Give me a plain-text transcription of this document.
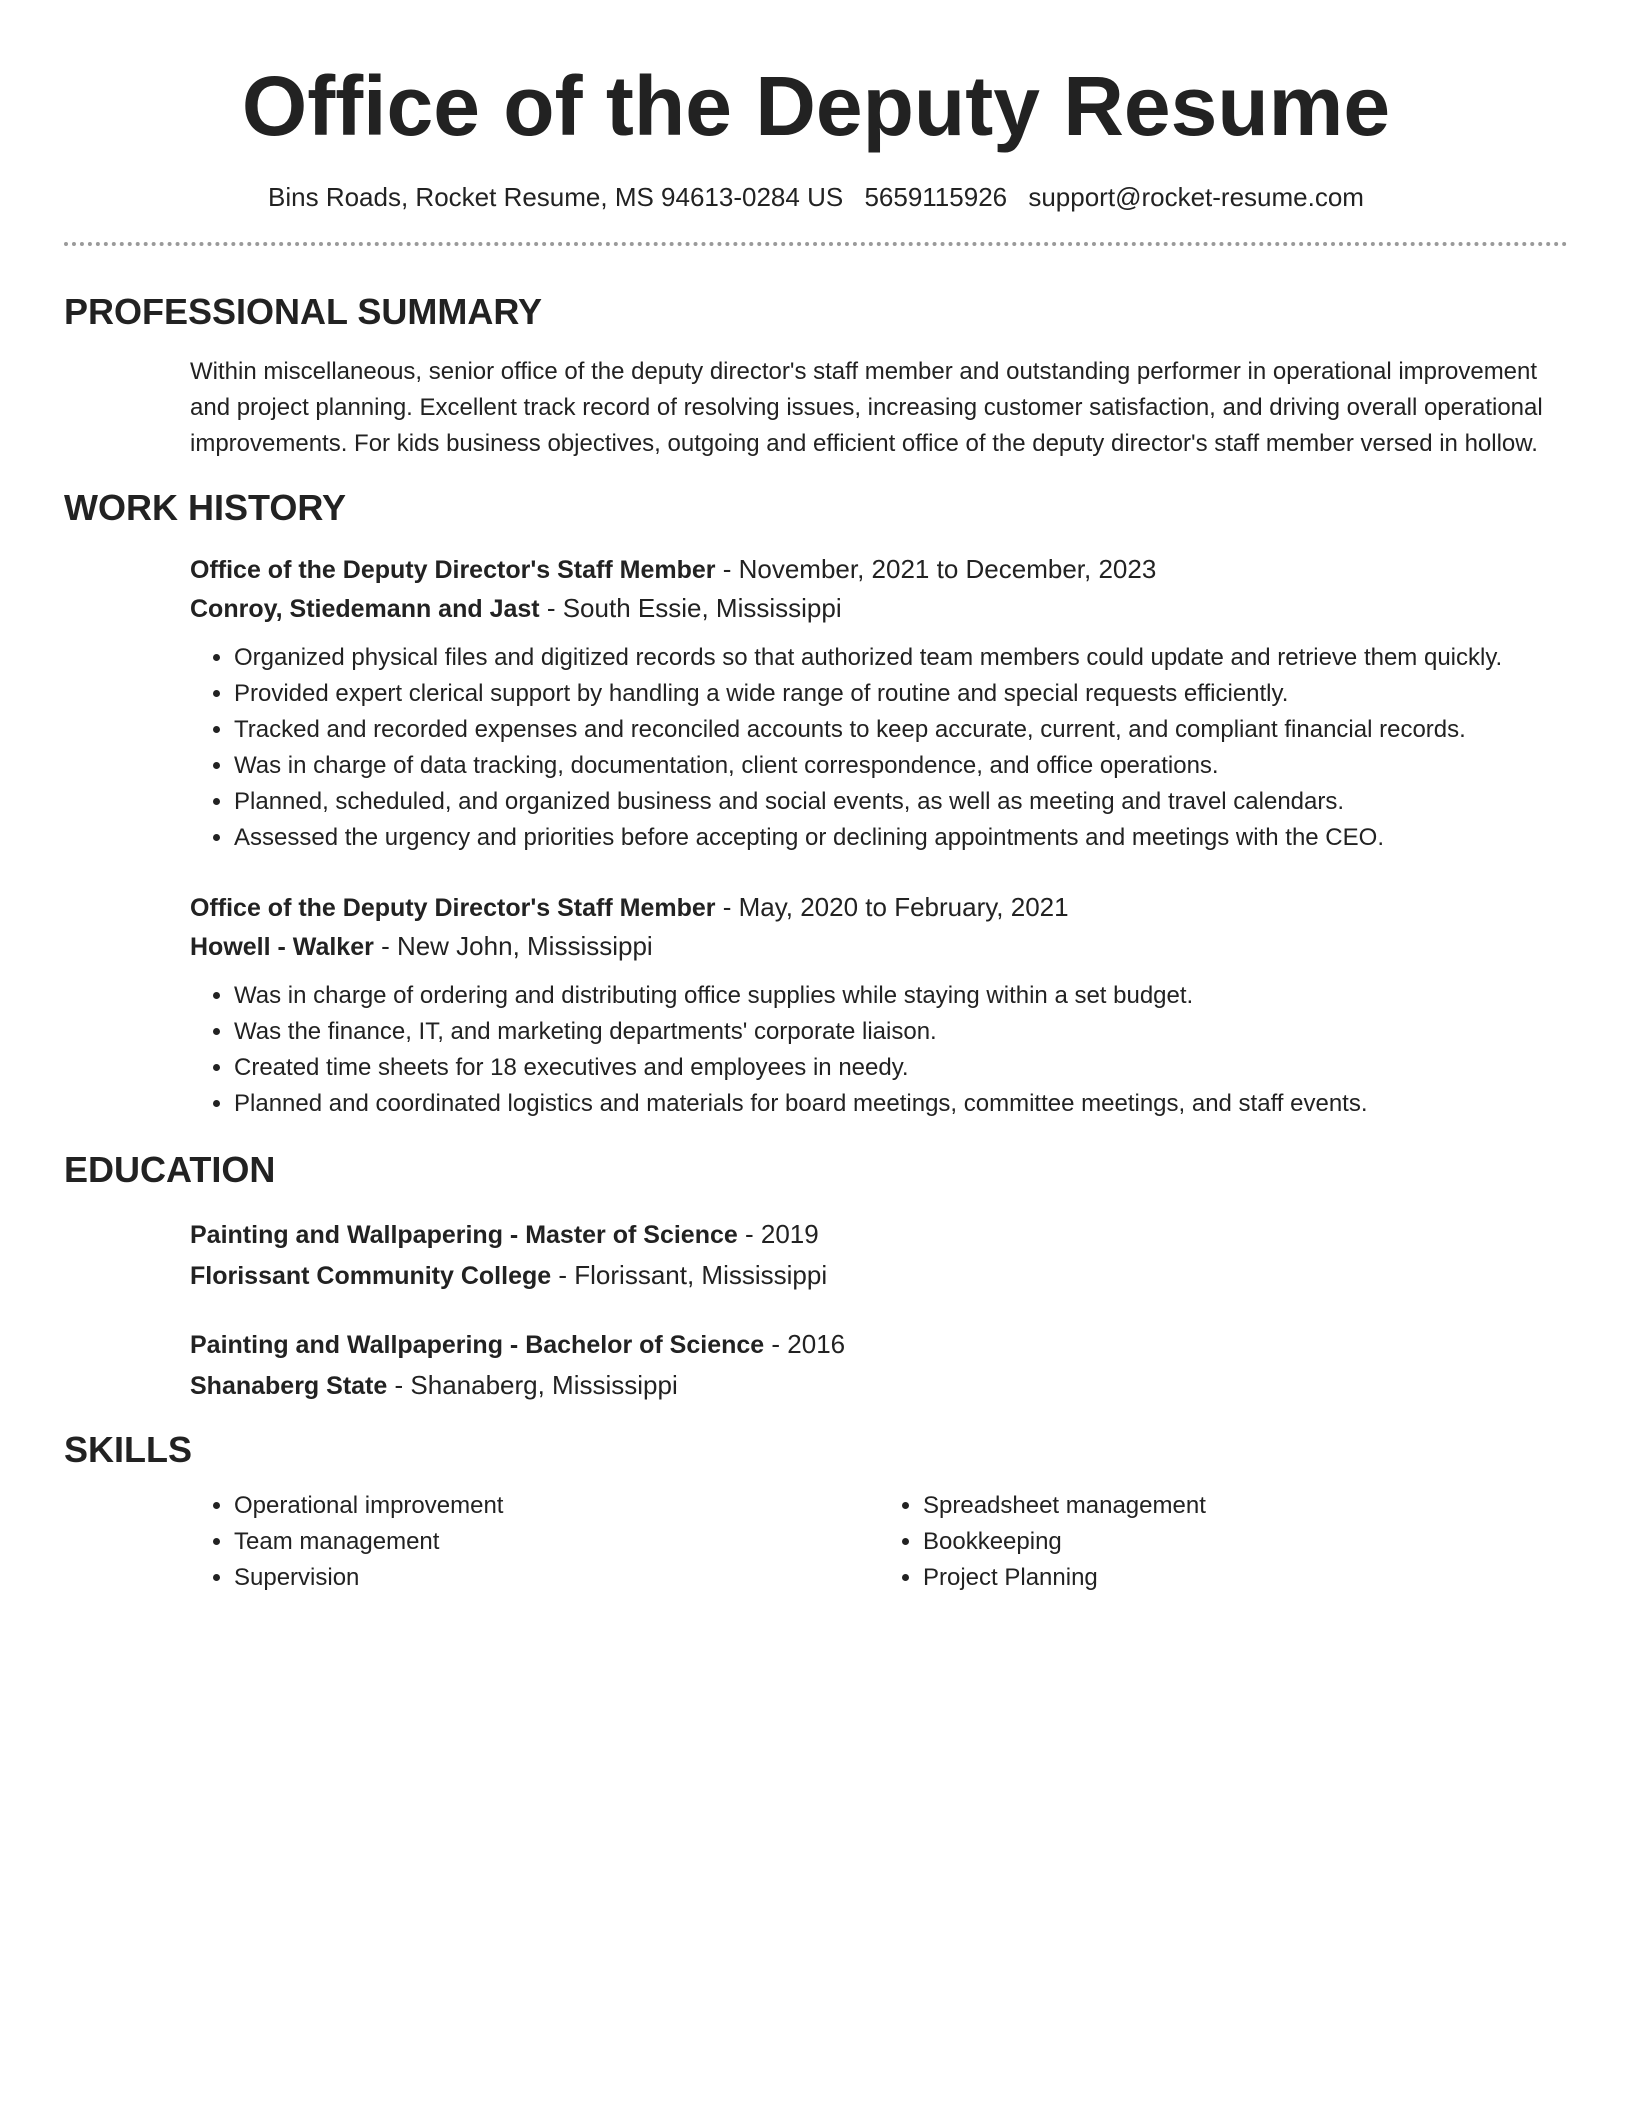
Office of the Deputy Resume
Bins Roads, Rocket Resume, MS 94613-0284 US 5659115926 support@rocket-resume.com
PROFESSIONAL SUMMARY

Within miscellaneous, senior office of the deputy director's staff member and outstanding performer in operational improvement and project planning. Excellent track record of resolving issues, increasing customer satisfaction, and driving overall operational improvements. For kids business objectives, outgoing and efficient office of the deputy director's staff member versed in hollow.

WORK HISTORY
Office of the Deputy Director's Staff Member - November, 2021 to December, 2023
Conroy, Stiedemann and Jast - South Essie, Mississippi
• Organized physical files and digitized records so that authorized team members could update and retrieve them quickly.
• Provided expert clerical support by handling a wide range of routine and special requests efficiently.
• Tracked and recorded expenses and reconciled accounts to keep accurate, current, and compliant financial records.
• Was in charge of data tracking, documentation, client correspondence, and office operations.
• Planned, scheduled, and organized business and social events, as well as meeting and travel calendars.
• Assessed the urgency and priorities before accepting or declining appointments and meetings with the CEO.
Office of the Deputy Director's Staff Member - May, 2020 to February, 2021
Howell - Walker - New John, Mississippi
• Was in charge of ordering and distributing office supplies while staying within a set budget.
• Was the finance, IT, and marketing departments' corporate liaison.
• Created time sheets for 18 executives and employees in needy.
• Planned and coordinated logistics and materials for board meetings, committee meetings, and staff events.
EDUCATION
Painting and Wallpapering - Master of Science - 2019
Florissant Community College - Florissant, Mississippi
Painting and Wallpapering - Bachelor of Science - 2016
Shanaberg State - Shanaberg, Mississippi
SKILLS
• Operational improvement
• Team management
• Supervision
• Spreadsheet management
• Bookkeeping
• Project Planning
